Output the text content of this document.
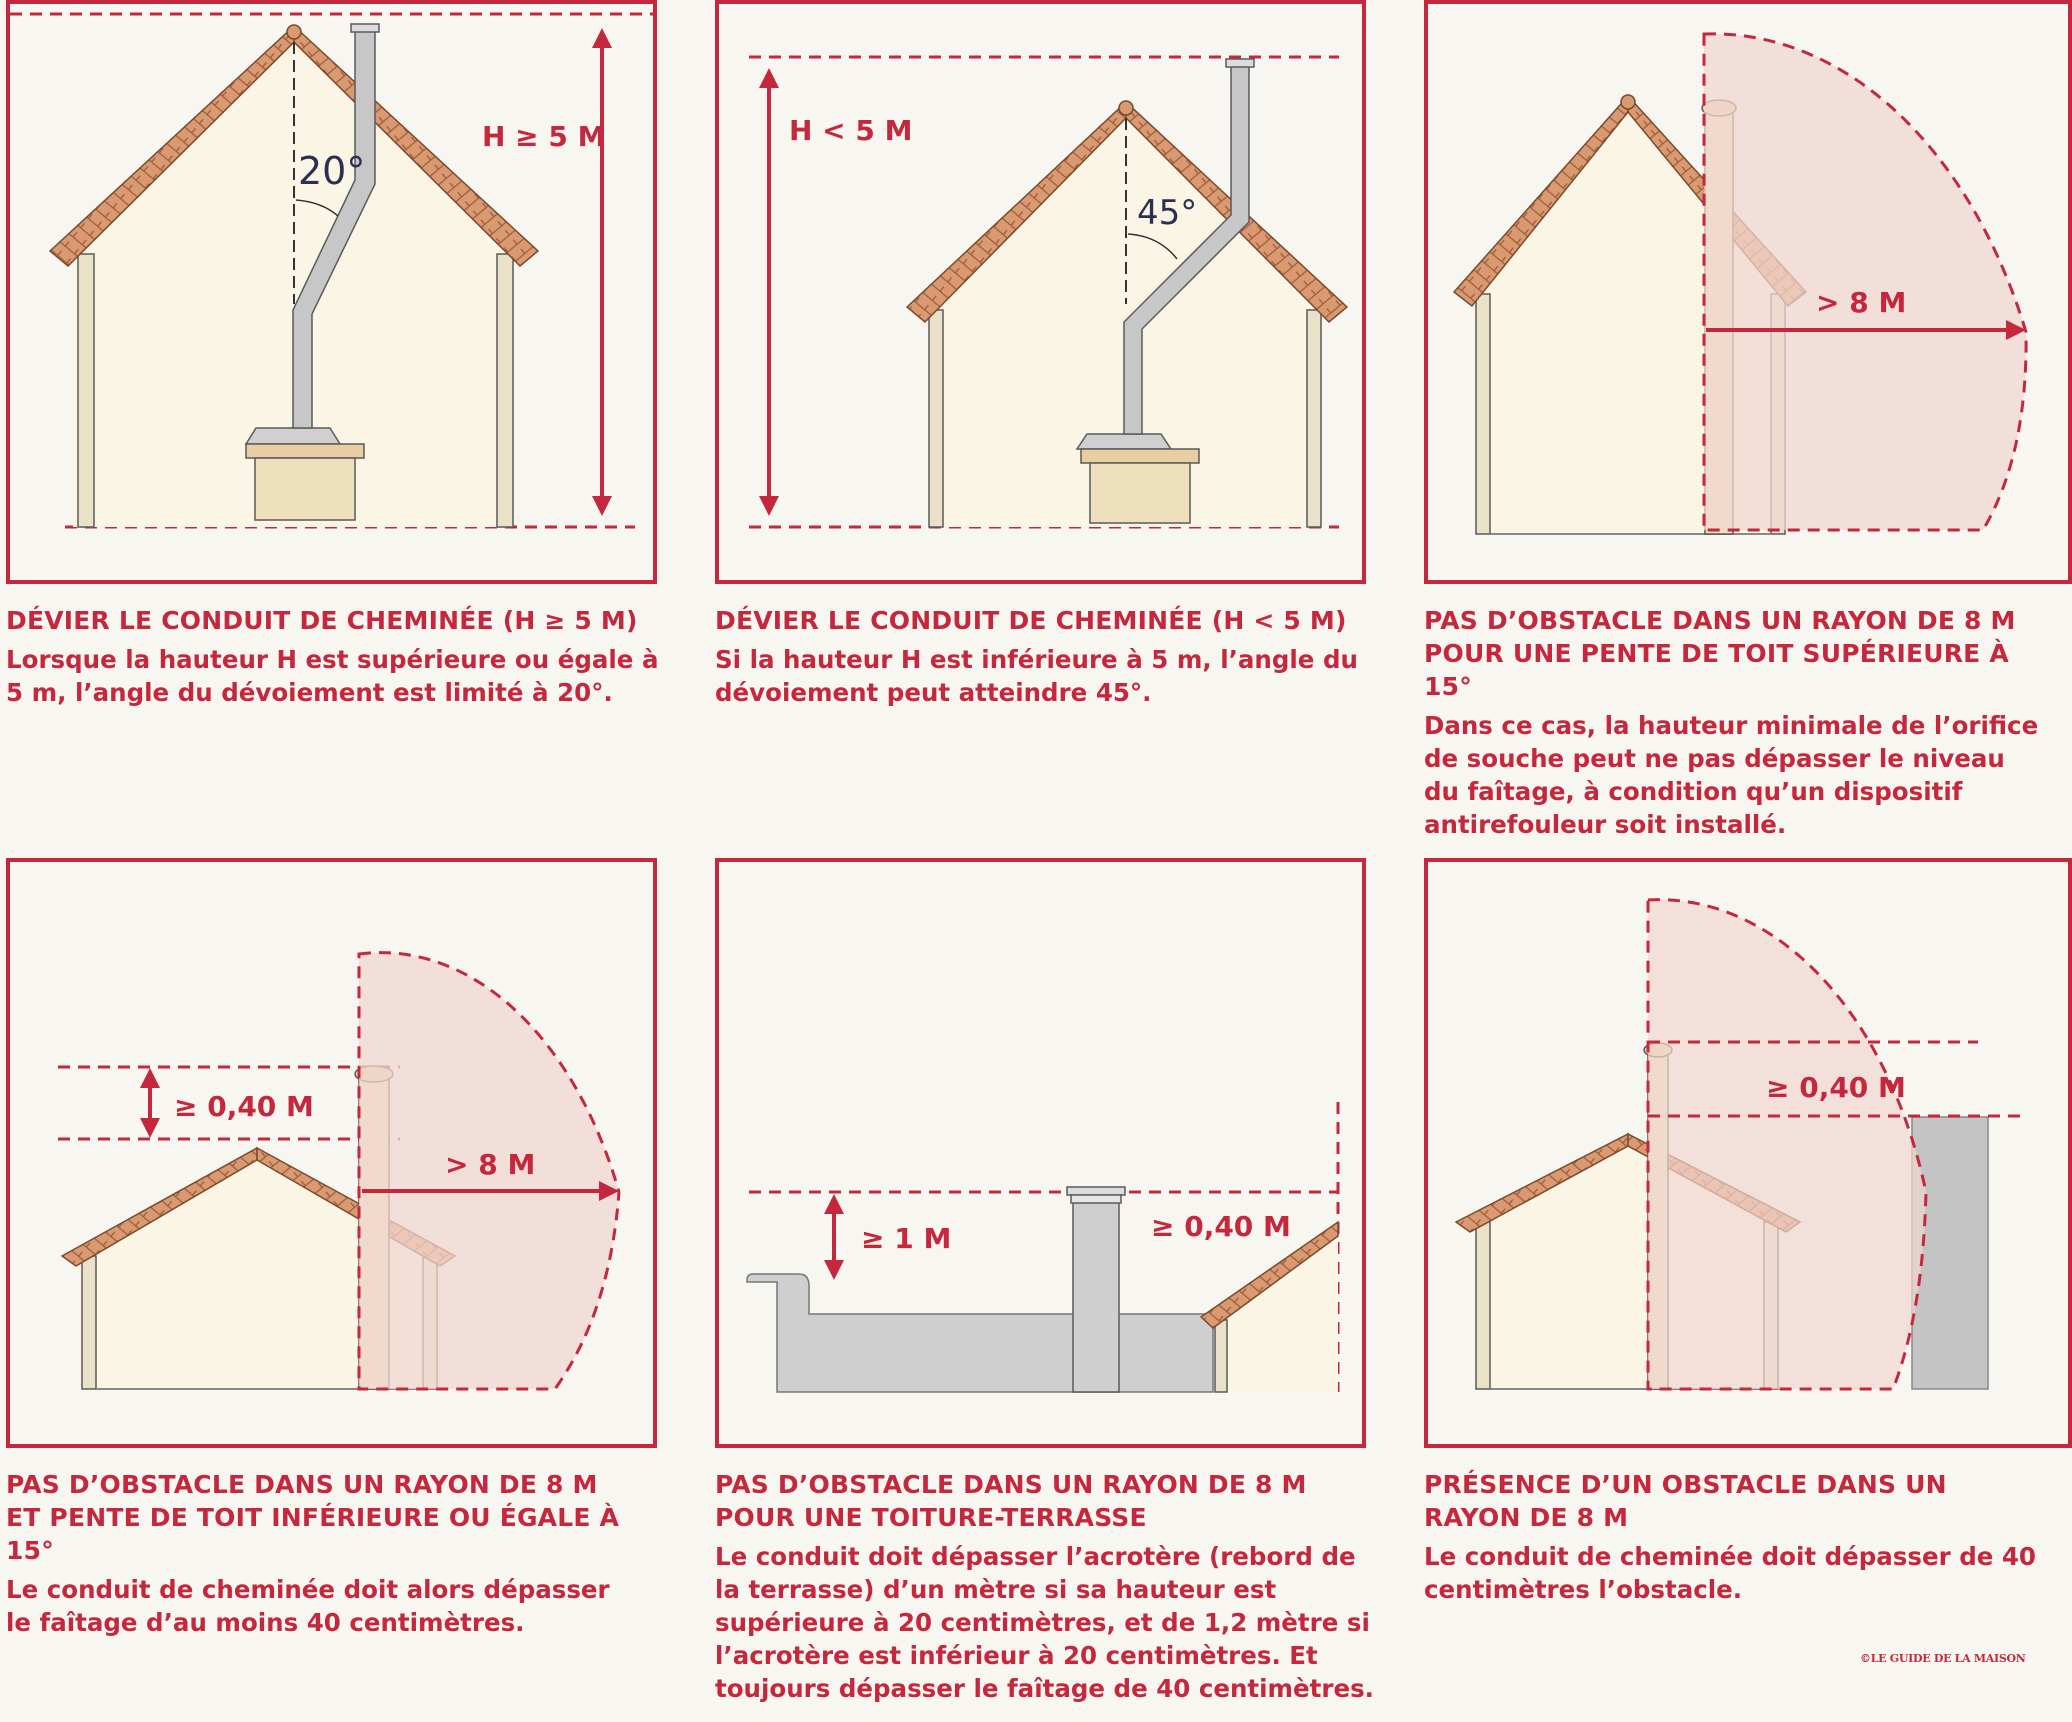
20°
H ≥ 5 M
45°
H < 5 M
> 8 M
> 8 M
≥ 0,40 M
≥ 1 M	≥ 0,40 M
≥ 0,40 M

DÉVIER LE CONDUIT DE CHEMINÉE (H ≥ 5 M)

Lorsque la hauteur H est supérieure ou égale à 5 m, l’angle du dévoiement est limité à 20°.

DÉVIER LE CONDUIT DE CHEMINÉE (H < 5 M)

Si la hauteur H est inférieure à 5 m, l’angle du dévoiement peut atteindre 45°.

PAS D’OBSTACLE DANS UN RAYON DE 8 M POUR UNE PENTE DE TOIT SUPÉRIEURE À 15°

Dans ce cas, la hauteur minimale de l’orifice de souche peut ne pas dépasser le niveau du faîtage, à condition qu’un dispositif antirefouleur soit installé.

PAS D’OBSTACLE DANS UN RAYON DE 8 M ET PENTE DE TOIT INFÉRIEURE OU ÉGALE À 15°

Le conduit de cheminée doit alors dépasser le faîtage d’au moins 40 centimètres.

PAS D’OBSTACLE DANS UN RAYON DE 8 M POUR UNE TOITURE-TERRASSE

Le conduit doit dépasser l’acrotère (rebord de la terrasse) d’un mètre si sa hauteur est supérieure à 20 centimètres, et de 1,2 mètre si l’acrotère est inférieur à 20 centimètres. Et toujours dépasser le faîtage de 40 centimètres.

PRÉSENCE D’UN OBSTACLE DANS UN RAYON DE 8 M

Le conduit de cheminée doit dépasser de 40 centimètres l’obstacle.

©LE GUIDE DE LA MAISON
